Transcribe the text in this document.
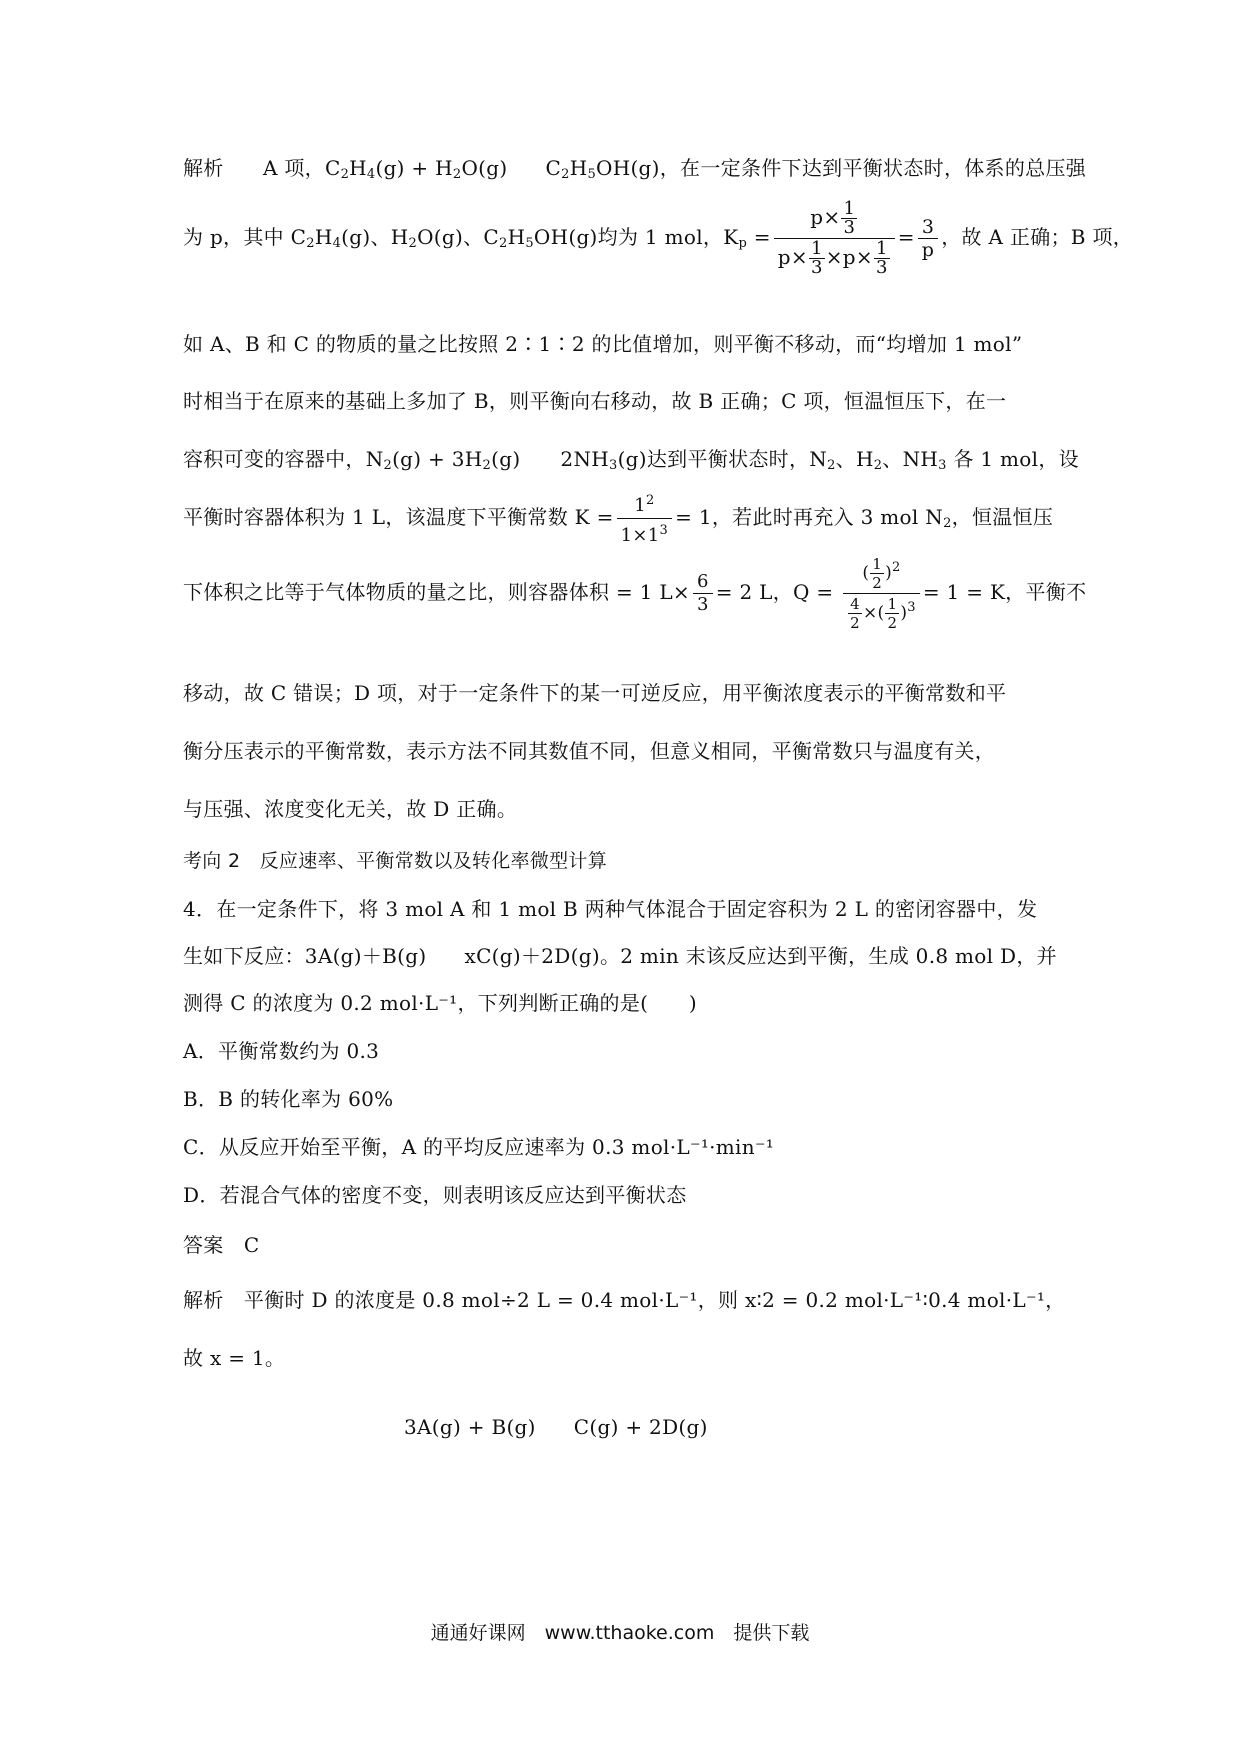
解析 A 项，$C_2H_4(g) + H_2O(g)$ $C_2H_5OH(g)$，在一定条件下达到平衡状态时，体系的总压强
为 p，其中 $C_2H_4(g)$、$H_2O(g)$、$C_2H_5OH(g)$均为 1 mol，$K_p = \frac{p\times \frac{1}{3}}{p\times \frac{1}{3} \times p\times \frac{1}{3}} = \frac{3}{p}$ ，故 A 正确；B 项，
如 A、B 和 C 的物质的量之比按照 2∶1∶2 的比值增加，则平衡不移动，而“均增加 1 mol”
时相当于在原来的基础上多加了 B，则平衡向右移动，故 B 正确；C 项，恒温恒压下，在一
容积可变的容器中，$N_2(g) + 3H_2(g)$ $2NH_3(g)$达到平衡状态时，$N_2$、$H_2$、$NH_3$ 各 1 mol，设
平衡时容器体积为 1 L，该温度下平衡常数 $K = \frac{1^2}{1\times 1^3} = 1$，若此时再充入 3 mol $N_2$，恒温恒压
下体积之比等于气体物质的量之比，则容器体积 = 1 $L\times \frac{6}{3} = 2$ L，$Q = \frac{( \frac{1}{2} )^2}{\frac{4}{2} \times( \frac{1}{2} )^3} = 1 = K$，平衡不
移动，故 C 错误；D 项，对于一定条件下的某一可逆反应，用平衡浓度表示的平衡常数和平
衡分压表示的平衡常数，表示方法不同其数值不同，但意义相同，平衡常数只与温度有关，
与压强、浓度变化无关，故 D 正确。
考向 2　反应速率、平衡常数以及转化率微型计算
4．在一定条件下，将 3 mol A 和 1 mol B 两种气体混合于固定容积为 2 L 的密闭容器中，发
生如下反应：3A(g)＋B(g) xC(g)＋2D(g)。2 min 末该反应达到平衡，生成 0.8 mol D，并
测得 C 的浓度为 0.2 mol·L⁻¹，下列判断正确的是(　　)
A．平衡常数约为 0.3
B．B 的转化率为 60%
C．从反应开始至平衡，A 的平均反应速率为 0.3 mol·L⁻¹·min⁻¹
D．若混合气体的密度不变，则表明该反应达到平衡状态
答案　C
解析　平衡时 D 的浓度是 0.8 mol÷2 L = 0.4 mol·L⁻¹，则 x∶2 = 0.2 mol·L⁻¹∶0.4 mol·L⁻¹，
故 x = 1。
3A(g) + B(g) C(g) + 2D(g)
通通好课网　www.tthaoke.com　提供下载
